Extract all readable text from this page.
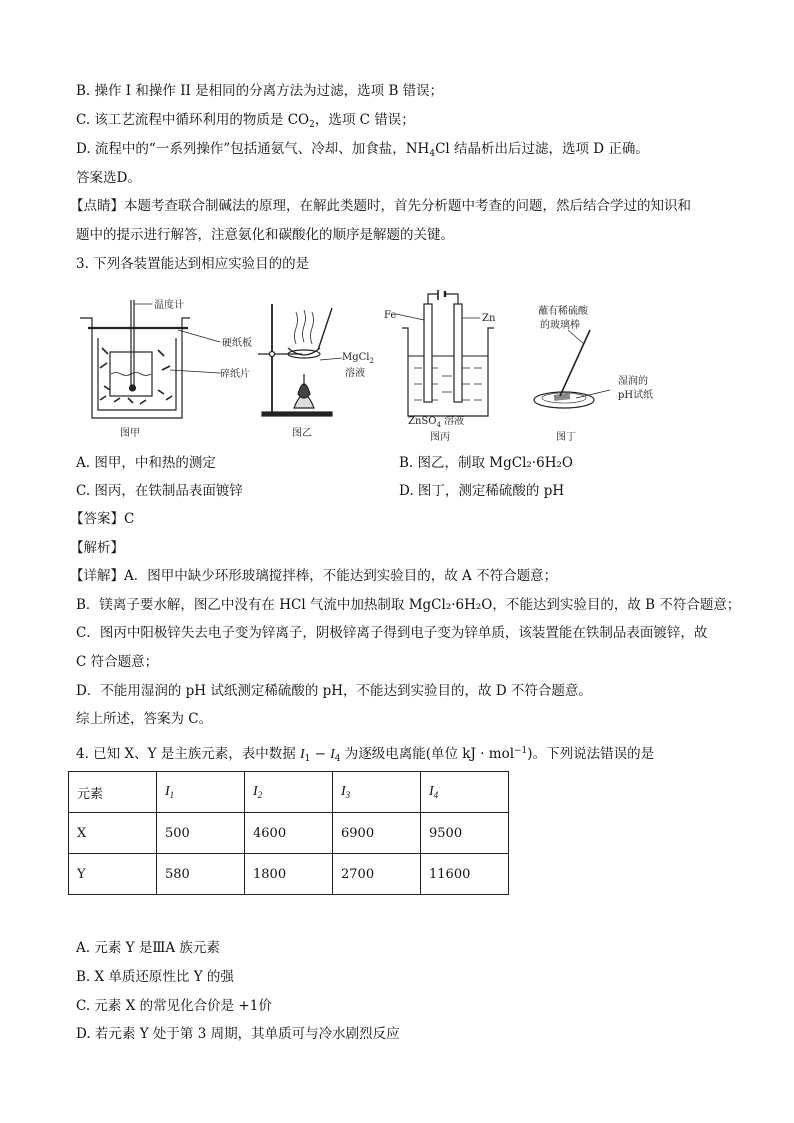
B. 操作 I 和操作 II 是相同的分离方法为过滤，选项 B 错误；
C. 该工艺流程中循环利用的物质是 $CO_2$，选项 C 错误；
D. 流程中的“一系列操作”包括通氨气、冷却、加食盐，$NH_4Cl$ 结晶析出后过滤，选项 D 正确。
答案选D。
【点睛】本题考查联合制碱法的原理，在解此类题时，首先分析题中考查的问题，然后结合学过的知识和
题中的提示进行解答，注意氨化和碳酸化的顺序是解题的关键。
3. 下列各装置能达到相应实验目的的是
温度计
硬纸板
碎纸片
图甲
MgCl$_2$
溶液
图乙
Fe	Zn
ZnSO$_4$ 溶液
图丙
蘸有稀硫酸
的玻璃棒
湿润的
pH试纸
图丁
A. 图甲，中和热的测定	B. 图乙，制取 MgCl₂·6H₂O
C. 图丙，在铁制品表面镀锌	D. 图丁，测定稀硫酸的 pH
【答案】C
【解析】
【详解】A．图甲中缺少环形玻璃搅拌棒，不能达到实验目的，故 A 不符合题意；
B．镁离子要水解，图乙中没有在 HCl 气流中加热制取 MgCl₂·6H₂O，不能达到实验目的，故 B 不符合题意；
C．图丙中阳极锌失去电子变为锌离子，阴极锌离子得到电子变为锌单质，该装置能在铁制品表面镀锌，故
C 符合题意；
D．不能用湿润的 pH 试纸测定稀硫酸的 pH，不能达到实验目的，故 D 不符合题意。
综上所述，答案为 C。
4. 已知 X、Y 是主族元素，表中数据 $I_1 - I_4$ 为逐级电离能(单位 kJ · mol$^{-1}$)。下列说法错误的是
元素	$I_1$	$I_2$	$I_3$	$I_4$
X	500	4600	6900	9500
Y	580	1800	2700	11600
A. 元素 Y 是ⅢA 族元素
B. X 单质还原性比 Y 的强
C. 元素 X 的常见化合价是 +1价
D. 若元素 Y 处于第 3 周期，其单质可与冷水剧烈反应
